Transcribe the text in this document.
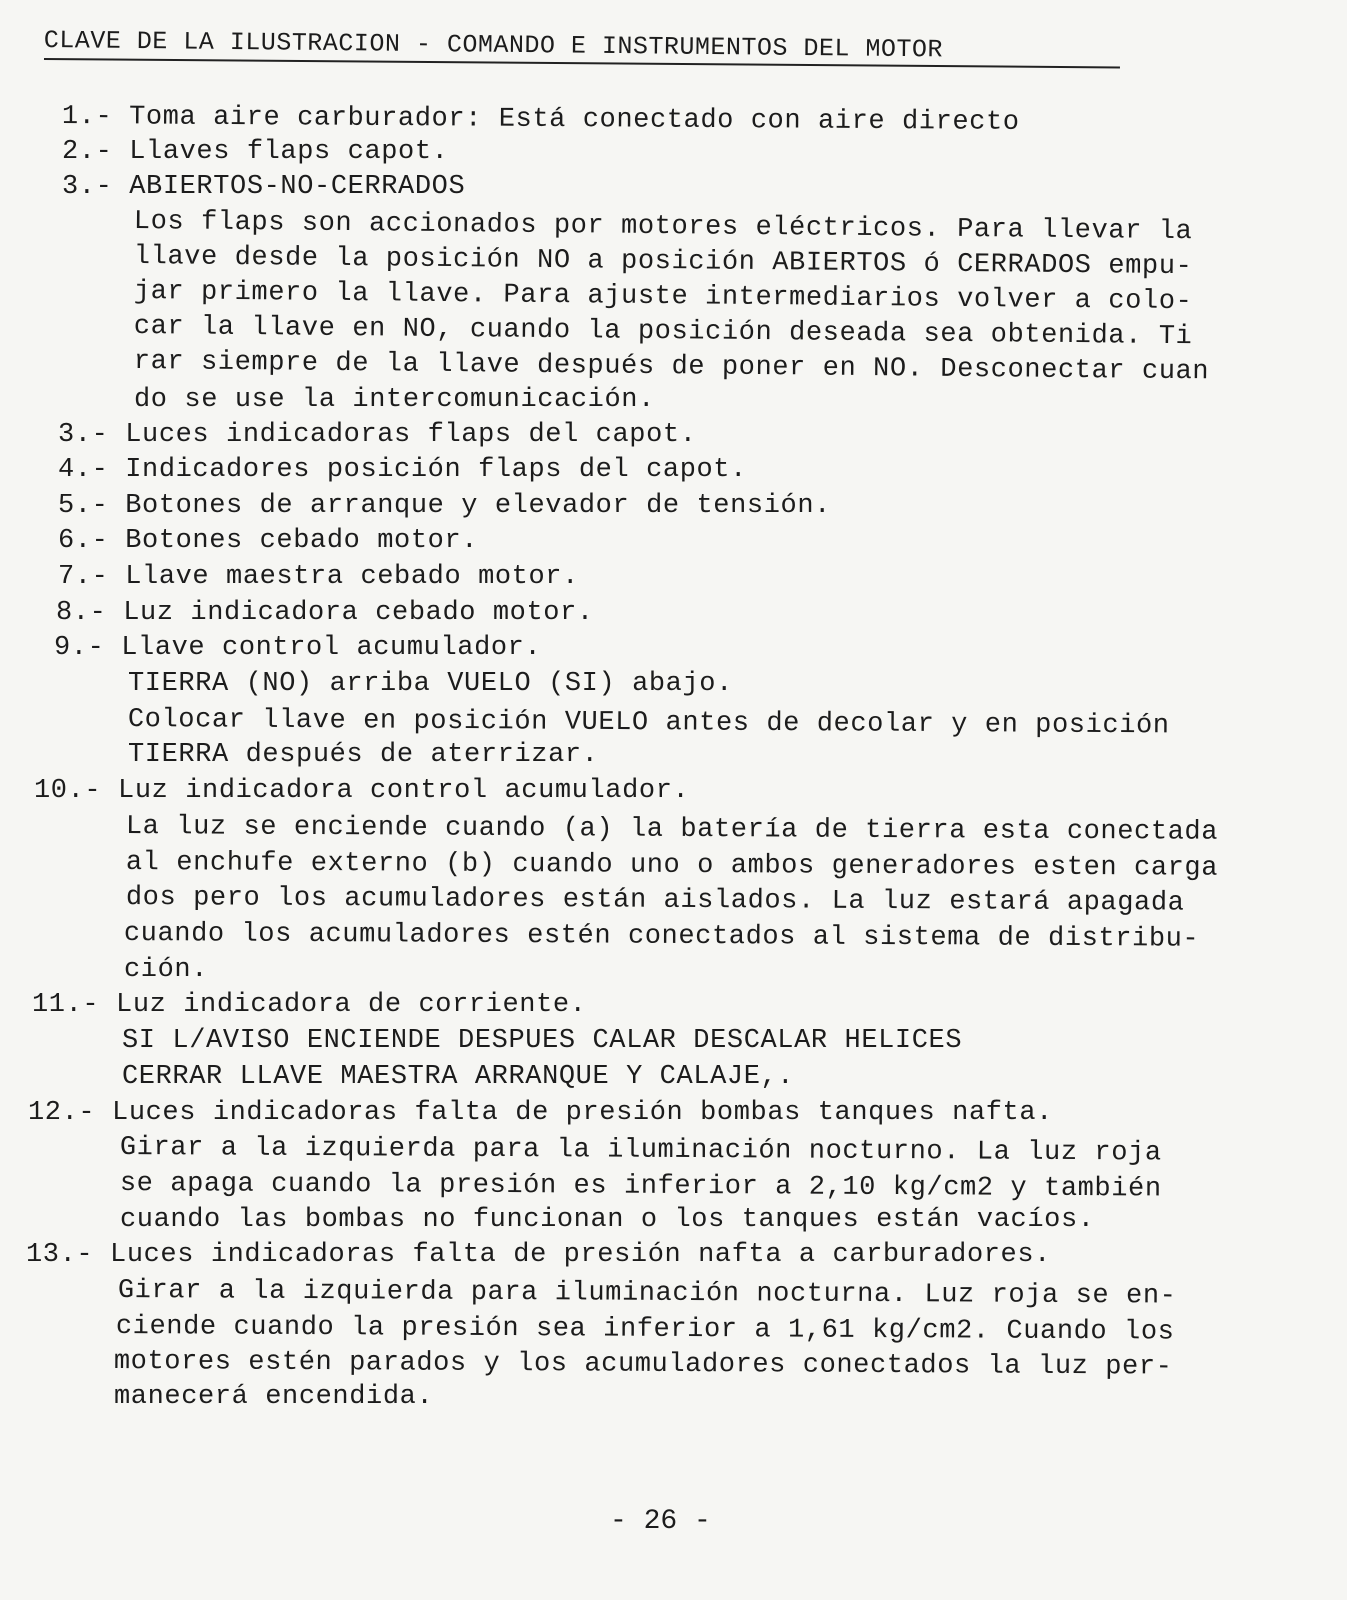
CLAVE DE LA ILUSTRACION - COMANDO E INSTRUMENTOS DEL MOTOR
1.- Toma aire carburador: Está conectado con aire directo
2.- Llaves flaps capot.
3.- ABIERTOS-NO-CERRADOS
Los flaps son accionados por motores eléctricos. Para llevar la
llave desde la posición NO a posición ABIERTOS ó CERRADOS empu-
jar primero la llave. Para ajuste intermediarios volver a colo-
car la llave en NO, cuando la posición deseada sea obtenida. Ti
rar siempre de la llave después de poner en NO. Desconectar cuan
do se use la intercomunicación.
3.- Luces indicadoras flaps del capot.
4.- Indicadores posición flaps del capot.
5.- Botones de arranque y elevador de tensión.
6.- Botones cebado motor.
7.- Llave maestra cebado motor.
8.- Luz indicadora cebado motor.
9.- Llave control acumulador.
TIERRA (NO) arriba VUELO (SI) abajo.
Colocar llave en posición VUELO antes de decolar y en posición
TIERRA después de aterrizar.
10.- Luz indicadora control acumulador.
La luz se enciende cuando (a) la batería de tierra esta conectada
al enchufe externo (b) cuando uno o ambos generadores esten carga
dos pero los acumuladores están aislados. La luz estará apagada
cuando los acumuladores estén conectados al sistema de distribu-
ción.
11.- Luz indicadora de corriente.
SI L/AVISO ENCIENDE DESPUES CALAR DESCALAR HELICES
CERRAR LLAVE MAESTRA ARRANQUE Y CALAJE,.
12.- Luces indicadoras falta de presión bombas tanques nafta.
Girar a la izquierda para la iluminación nocturno. La luz roja
se apaga cuando la presión es inferior a 2,10 kg/cm2 y también
cuando las bombas no funcionan o los tanques están vacíos.
13.- Luces indicadoras falta de presión nafta a carburadores.
Girar a la izquierda para iluminación nocturna. Luz roja se en-
ciende cuando la presión sea inferior a 1,61 kg/cm2. Cuando los
motores estén parados y los acumuladores conectados la luz per-
manecerá encendida.
- 26 -
